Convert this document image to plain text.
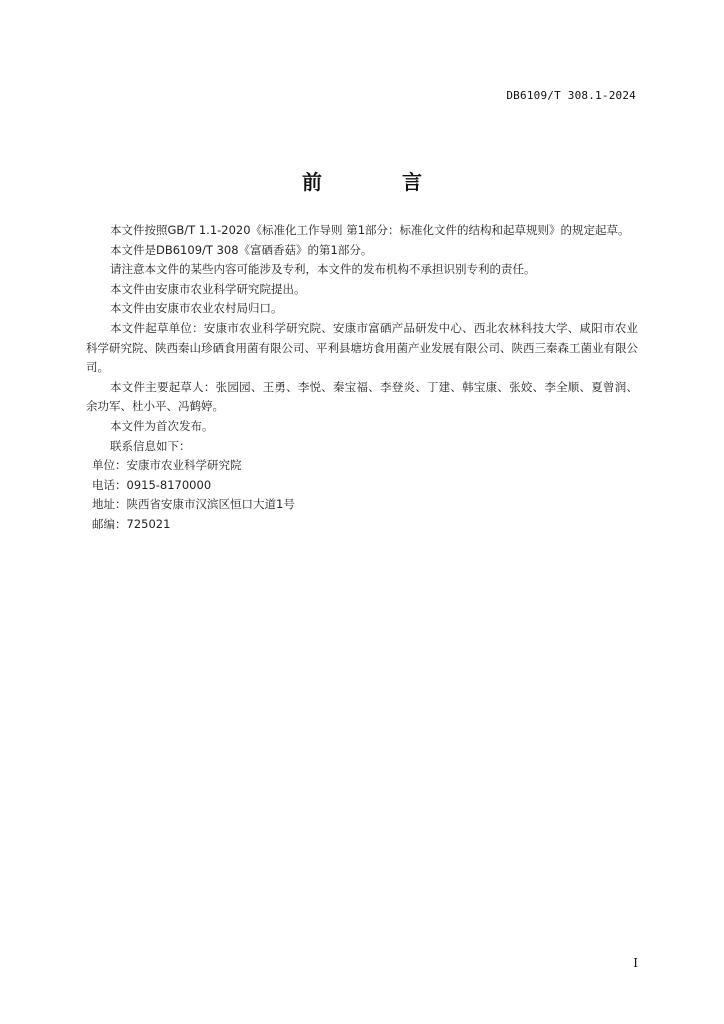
DB6109/T 308.1-2024
前　言

本文件按照GB/T 1.1-2020《标准化工作导则 第1部分：标准化文件的结构和起草规则》的规定起草。

本文件是DB6109/T 308《富硒香菇》的第1部分。

请注意本文件的某些内容可能涉及专利，本文件的发布机构不承担识别专利的责任。

本文件由安康市农业科学研究院提出。

本文件由安康市农业农村局归口。

本文件起草单位：安康市农业科学研究院、安康市富硒产品研发中心、西北农林科技大学、咸阳市农业科学研究院、陕西秦山珍硒食用菌有限公司、平利县塘坊食用菌产业发展有限公司、陕西三秦森工菌业有限公司。

本文件主要起草人：张园园、王勇、李悦、秦宝福、李登炎、丁建、韩宝康、张姣、李全顺、夏曾润、余功军、杜小平、冯鹤婷。

本文件为首次发布。

联系信息如下：

单位：安康市农业科学研究院

电话：0915-8170000

地址：陕西省安康市汉滨区恒口大道1号

邮编：725021

I
